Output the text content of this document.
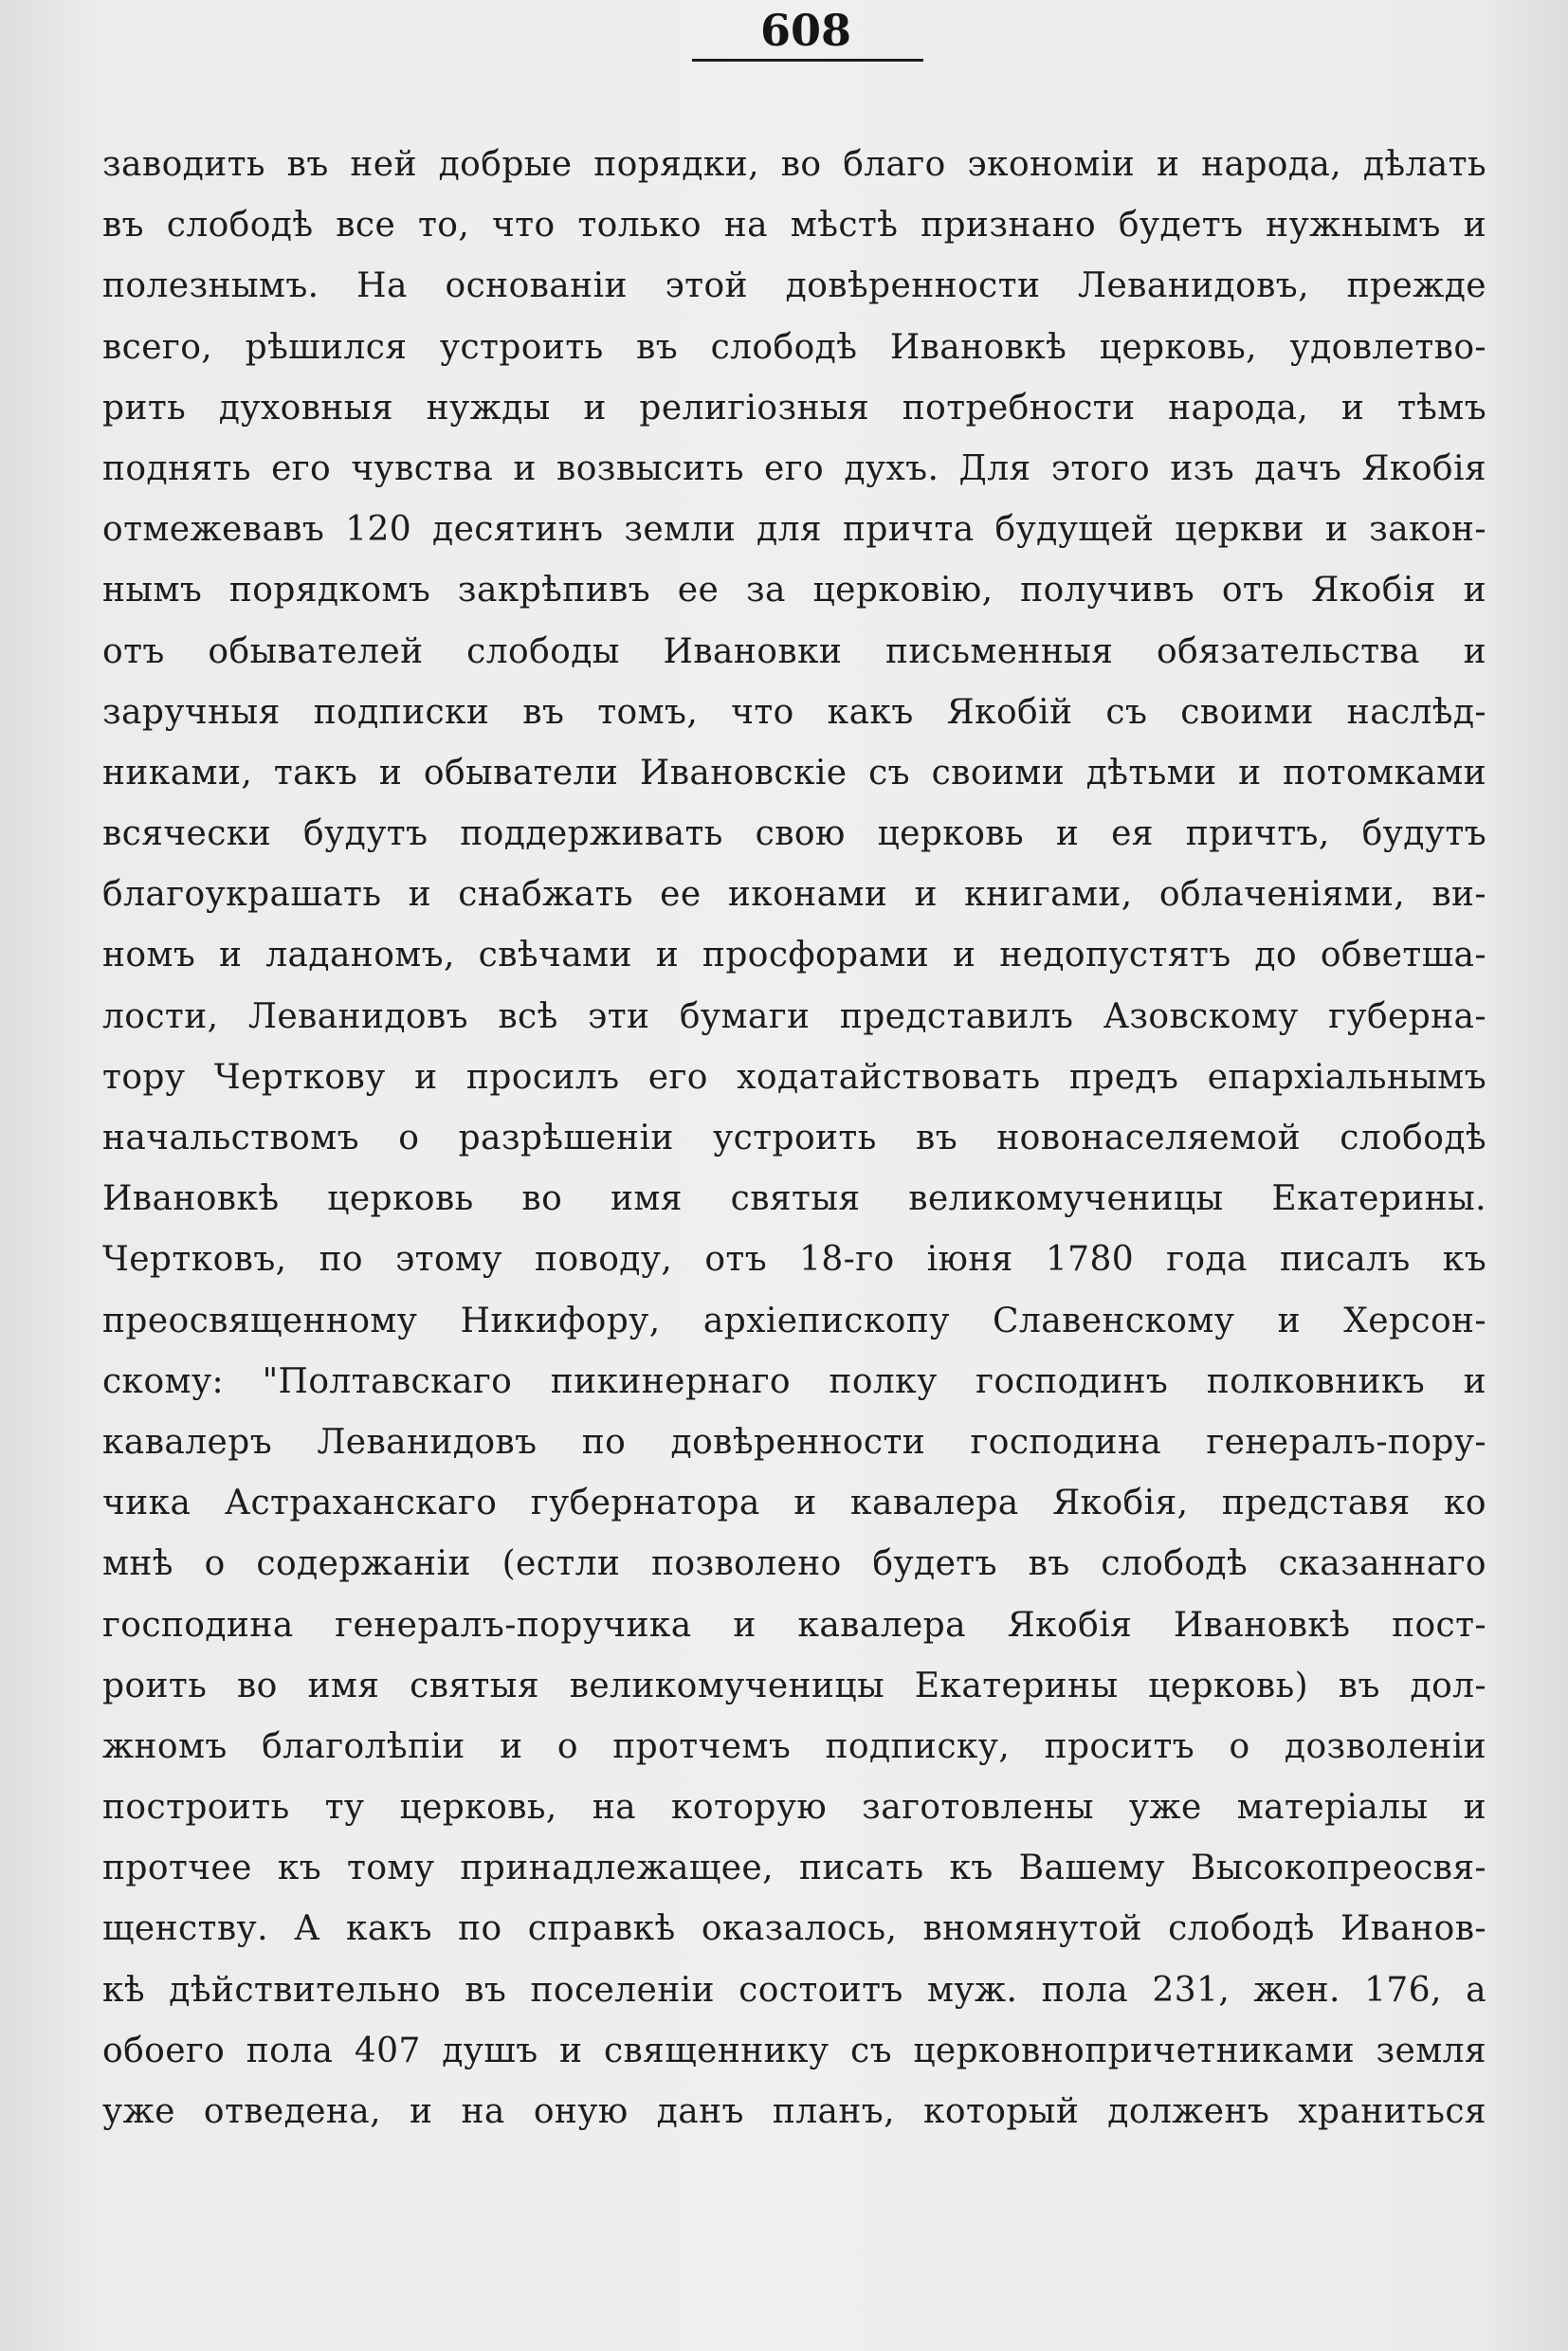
608
заводить въ ней добрые порядки, во благо экономіи и народа, дѣлать
въ слободѣ все то, что только на мѣстѣ признано будетъ нужнымъ и
полезнымъ. На основаніи этой довѣренности Леванидовъ, прежде
всего, рѣшился устроить въ слободѣ Ивановкѣ церковь, удовлетво-
рить духовныя нужды и религіозныя потребности народа, и тѣмъ
поднять его чувства и возвысить его духъ. Для этого изъ дачъ Якобія
отмежевавъ 120 десятинъ земли для причта будущей церкви и закон-
нымъ порядкомъ закрѣпивъ ее за церковію, получивъ отъ Якобія и
отъ обывателей слободы Ивановки письменныя обязательства и
заручныя подписки въ томъ, что какъ Якобій съ своими наслѣд-
никами, такъ и обыватели Ивановскіе съ своими дѣтьми и потомками
всячески будутъ поддерживать свою церковь и ея причтъ, будутъ
благоукрашать и снабжать ее иконами и книгами, облаченіями, ви-
номъ и ладаномъ, свѣчами и просфорами и недопустятъ до обветша-
лости, Леванидовъ всѣ эти бумаги представилъ Азовскому губерна-
тору Черткову и просилъ его ходатайствовать предъ епархіальнымъ
начальствомъ о разрѣшеніи устроить въ новонаселяемой слободѣ
Ивановкѣ церковь во имя святыя великомученицы Екатерины.
Чертковъ, по этому поводу, отъ 18-го іюня 1780 года писалъ къ
преосвященному Никифору, архіепископу Славенскому и Херсон-
скому: "Полтавскаго пикинернаго полку господинъ полковникъ и
кавалеръ Леванидовъ по довѣренности господина генералъ-пору-
чика Астраханскаго губернатора и кавалера Якобія, представя ко
мнѣ о содержаніи (естли позволено будетъ въ слободѣ сказаннаго
господина генералъ-поручика и кавалера Якобія Ивановкѣ пост-
роить во имя святыя великомученицы Екатерины церковь) въ дол-
жномъ благолѣпіи и о протчемъ подписку, проситъ о дозволеніи
построить ту церковь, на которую заготовлены уже матеріалы и
протчее къ тому принадлежащее, писать къ Вашему Высокопреосвя-
щенству. А какъ по справкѣ оказалось, вномянутой слободѣ Иванов-
кѣ дѣйствительно въ поселеніи состоитъ муж. пола 231, жен. 176, а
обоего пола 407 душъ и священнику съ церковнопричетниками земля
уже отведена, и на оную данъ планъ, который долженъ храниться
